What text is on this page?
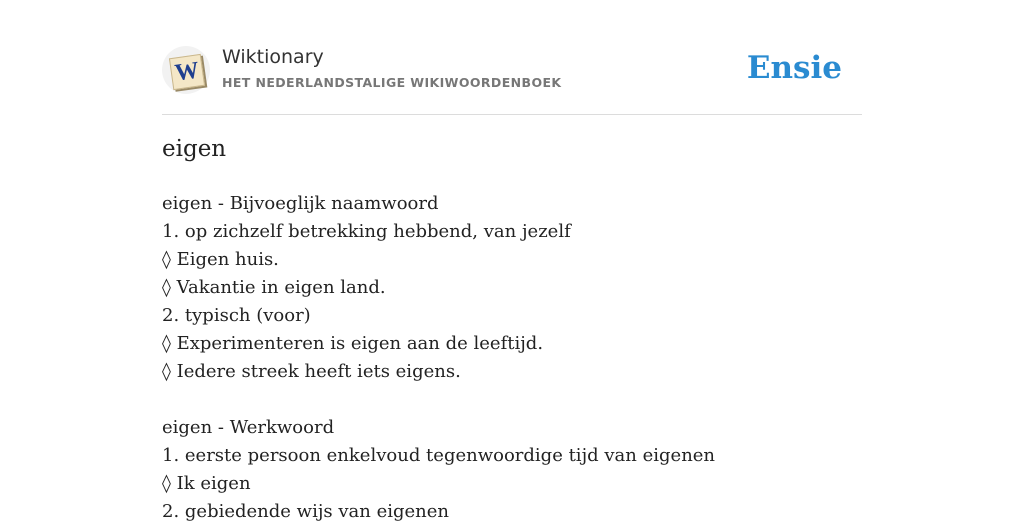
W
Wiktionary
HET NEDERLANDSTALIGE WIKIWOORDENBOEK	Ensie
eigen
eigen - Bijvoeglijk naamwoord
1. op zichzelf betrekking hebbend, van jezelf
◊ Eigen huis.
◊ Vakantie in eigen land.
2. typisch (voor)
◊ Experimenteren is eigen aan de leeftijd.
◊ Iedere streek heeft iets eigens.
eigen - Werkwoord
1. eerste persoon enkelvoud tegenwoordige tijd van eigenen
◊ Ik eigen
2. gebiedende wijs van eigenen
